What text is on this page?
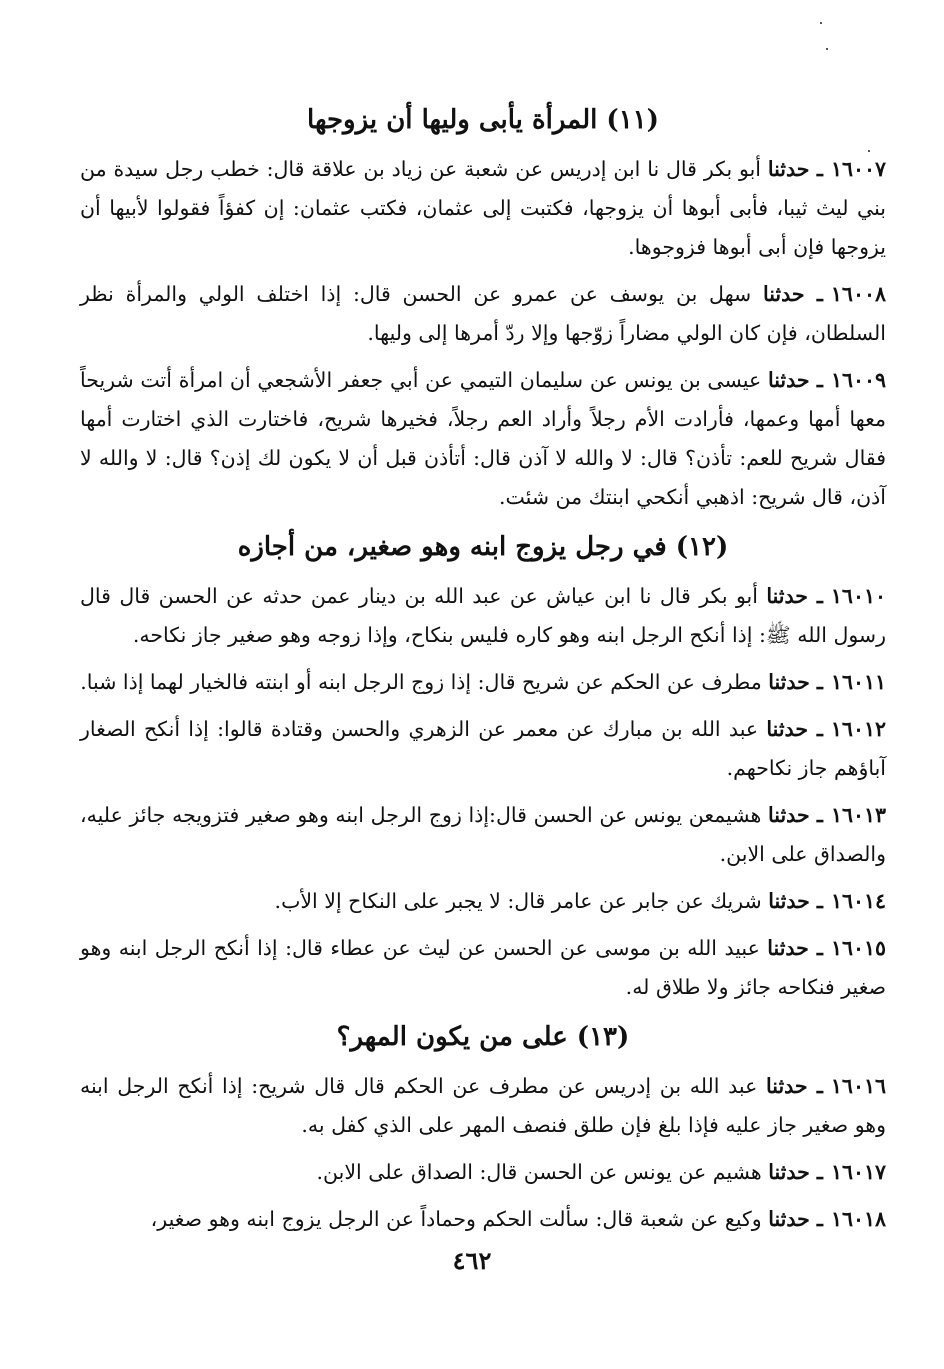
(١١) المرأة يأبى وليها أن يزوجها

١٦٠٠٧ـ حدثنا أبو بكر قال نا ابن إدريس عن شعبة عن زياد بن علاقة قال: خطب رجل سيدة من بني ليث ثيبا، فأبى أبوها أن يزوجها، فكتبت إلى عثمان، فكتب عثمان: إن كفؤاً فقولوا لأبيها أن يزوجها فإن أبى أبوها فزوجوها.

١٦٠٠٨ـ حدثنا سهل بن يوسف عن عمرو عن الحسن قال: إذا اختلف الولي والمرأة نظر السلطان، فإن كان الولي مضاراً زوّجها وإلا ردّ أمرها إلى وليها.

١٦٠٠٩ـ حدثنا عيسى بن يونس عن سليمان التيمي عن أبي جعفر الأشجعي أن امرأة أتت شريحاً معها أمها وعمها، فأرادت الأم رجلاً وأراد العم رجلاً، فخيرها شريح، فاختارت الذي اختارت أمها فقال شريح للعم: تأذن؟ قال: لا والله لا آذن قال: أتأذن قبل أن لا يكون لك إذن؟ قال: لا والله لا آذن، قال شريح: اذهبي أنكحي ابنتك من شئت.

(١٢) في رجل يزوج ابنه وهو صغير، من أجازه

١٦٠١٠ـ حدثنا أبو بكر قال نا ابن عياش عن عبد الله بن دينار عمن حدثه عن الحسن قال قال رسول الله ﷺ: إذا أنكح الرجل ابنه وهو كاره فليس بنكاح، وإذا زوجه وهو صغير جاز نكاحه.

١٦٠١١ـ حدثنا مطرف عن الحكم عن شريح قال: إذا زوج الرجل ابنه أو ابنته فالخيار لهما إذا شبا.

١٦٠١٢ـ حدثنا عبد الله بن مبارك عن معمر عن الزهري والحسن وقتادة قالوا: إذا أنكح الصغار آباؤهم جاز نكاحهم.

١٦٠١٣ـ حدثنا هشيمعن يونس عن الحسن قال:إذا زوج الرجل ابنه وهو صغير فتزويجه جائز عليه، والصداق على الابن.

١٦٠١٤ـ حدثنا شريك عن جابر عن عامر قال: لا يجبر على النكاح إلا الأب.

١٦٠١٥ـ حدثنا عبيد الله بن موسى عن الحسن عن ليث عن عطاء قال: إذا أنكح الرجل ابنه وهو صغير فنكاحه جائز ولا طلاق له.

(١٣) على من يكون المهر؟

١٦٠١٦ـ حدثنا عبد الله بن إدريس عن مطرف عن الحكم قال قال شريح: إذا أنكح الرجل ابنه وهو صغير جاز عليه فإذا بلغ فإن طلق فنصف المهر على الذي كفل به.

١٦٠١٧ـ حدثنا هشيم عن يونس عن الحسن قال: الصداق على الابن.

١٦٠١٨ـ حدثنا وكيع عن شعبة قال: سألت الحكم وحماداً عن الرجل يزوج ابنه وهو صغير،

٤٦٢
